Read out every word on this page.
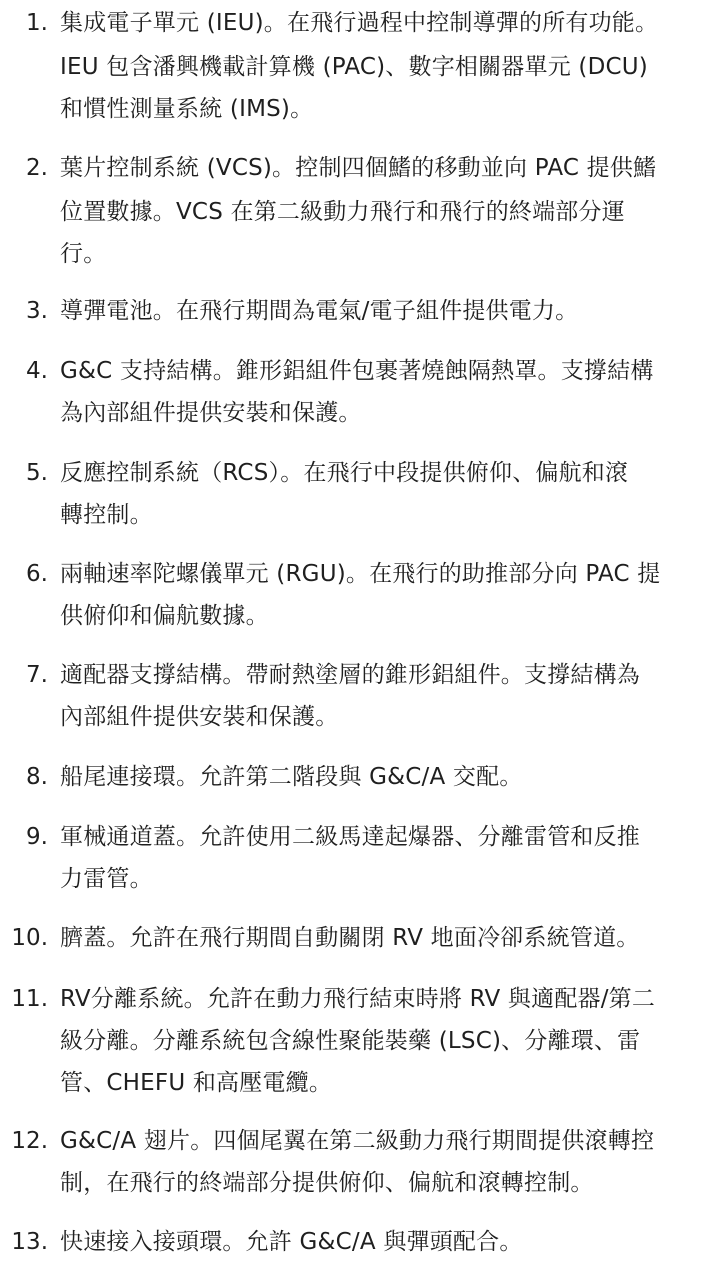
1. 集成電子單元 (IEU)。在飛行過程中控制導彈的所有功能。
IEU 包含潘興機載計算機 (PAC)、數字相關器單元 (DCU)
和慣性測量系統 (IMS)。
2. 葉片控制系統 (VCS)。控制四個鰭的移動並向 PAC 提供鰭
位置數據。VCS 在第二級動力飛行和飛行的終端部分運
行。
3. 導彈電池。在飛行期間為電氣/電子組件提供電力。
4. G&C 支持結構。錐形鋁組件包裹著燒蝕隔熱罩。支撐結構
為內部組件提供安裝和保護。
5. 反應控制系統（RCS）。在飛行中段提供俯仰、偏航和滾
轉控制。
6. 兩軸速率陀螺儀單元 (RGU)。在飛行的助推部分向 PAC 提
供俯仰和偏航數據。
7. 適配器支撐結構。帶耐熱塗層的錐形鋁組件。支撐結構為
內部組件提供安裝和保護。
8. 船尾連接環。允許第二階段與 G&C/A 交配。
9. 軍械通道蓋。允許使用二級馬達起爆器、分離雷管和反推
力雷管。
10. 臍蓋。允許在飛行期間自動關閉 RV 地面冷卻系統管道。
11. RV分離系統。允許在動力飛行結束時將 RV 與適配器/第二
級分離。分離系統包含線性聚能裝藥 (LSC)、分離環、雷
管、CHEFU 和高壓電纜。
12. G&C/A 翅片。四個尾翼在第二級動力飛行期間提供滾轉控
制，在飛行的終端部分提供俯仰、偏航和滾轉控制。
13. 快速接入接頭環。允許 G&C/A 與彈頭配合。
